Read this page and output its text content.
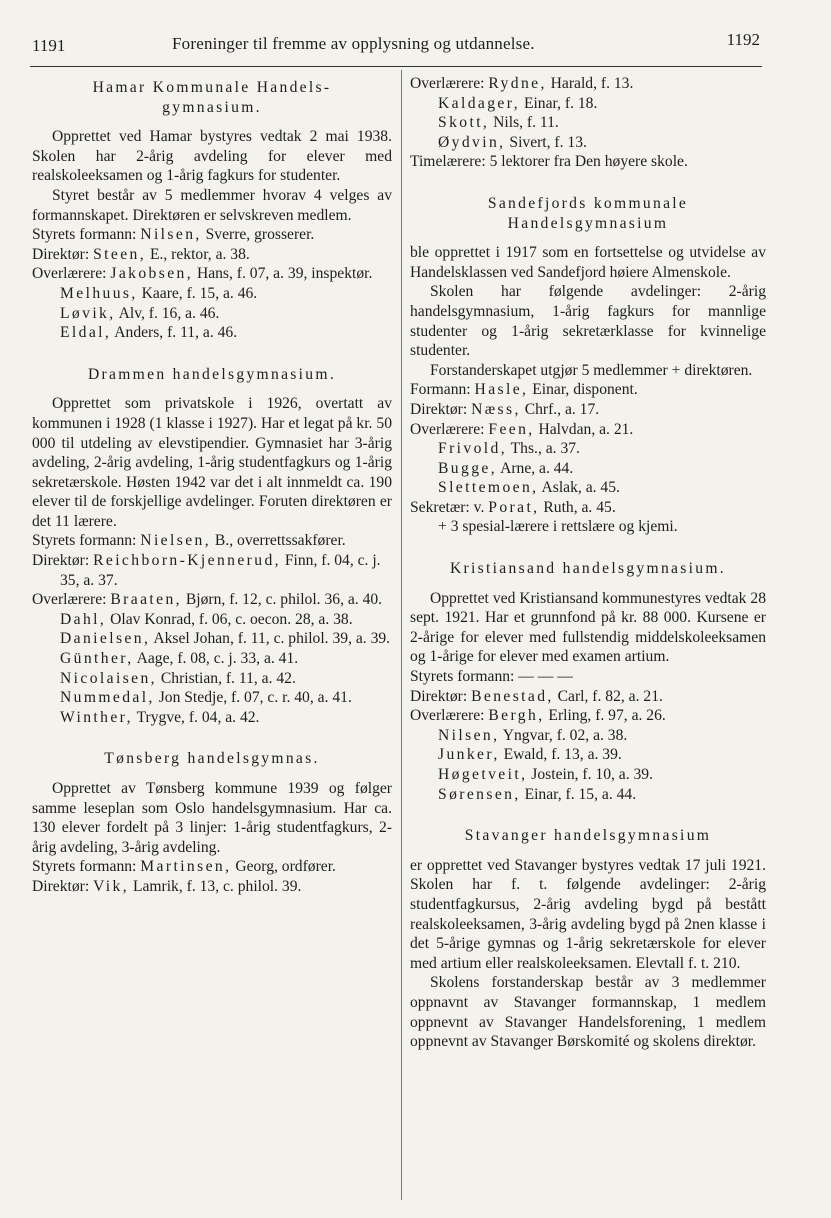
1191	Foreninger til fremme av opplysning og utdannelse.	1192
Hamar Kommunale Handels-gymnasium.

Opprettet ved Hamar bystyres vedtak 2 mai 1938. Skolen har 2-årig avdeling for elever med realskoleeksamen og 1-årig fagkurs for studenter.

Styret består av 5 medlemmer hvorav 4 velges av formannskapet. Direktøren er selvskreven medlem.

Styrets formann: Nilsen, Sverre, grosserer.

Direktør: Steen, E., rektor, a. 38.

Overlærere: Jakobsen, Hans, f. 07, a. 39, inspektør.

Melhuus, Kaare, f. 15, a. 46.

Løvik, Alv, f. 16, a. 46.

Eldal, Anders, f. 11, a. 46.

Drammen handelsgymnasium.

Opprettet som privatskole i 1926, overtatt av kommunen i 1928 (1 klasse i 1927). Har et legat på kr. 50 000 til utdeling av elevstipendier. Gymnasiet har 3-årig avdeling, 2-årig avdeling, 1-årig studentfagkurs og 1-årig sekretærskole. Høsten 1942 var det i alt innmeldt ca. 190 elever til de forskjellige avdelinger. Foruten direktøren er det 11 lærere.

Styrets formann: Nielsen, B., overrettssakfører.

Direktør: Reichborn-Kjennerud, Finn, f. 04, c. j. 35, a. 37.

Overlærere: Braaten, Bjørn, f. 12, c. philol. 36, a. 40.

Dahl, Olav Konrad, f. 06, c. oecon. 28, a. 38.

Danielsen, Aksel Johan, f. 11, c. philol. 39, a. 39.

Günther, Aage, f. 08, c. j. 33, a. 41.

Nicolaisen, Christian, f. 11, a. 42.

Nummedal, Jon Stedje, f. 07, c. r. 40, a. 41.

Winther, Trygve, f. 04, a. 42.

Tønsberg handelsgymnas.

Opprettet av Tønsberg kommune 1939 og følger samme leseplan som Oslo handelsgymnasium. Har ca. 130 elever fordelt på 3 linjer: 1-årig studentfagkurs, 2-årig avdeling, 3-årig avdeling.

Styrets formann: Martinsen, Georg, ordfører.

Direktør: Vik, Lamrik, f. 13, c. philol. 39.

Overlærere: Rydne, Harald, f. 13.

Kaldager, Einar, f. 18.

Skott, Nils, f. 11.

Øydvin, Sivert, f. 13.

Timelærere: 5 lektorer fra Den høyere skole.

Sandefjords kommunale Handelsgymnasium

ble opprettet i 1917 som en fortsettelse og utvidelse av Handelsklassen ved Sandefjord høiere Almenskole.

Skolen har følgende avdelinger: 2-årig handelsgymnasium, 1-årig fagkurs for mannlige studenter og 1-årig sekretærklasse for kvinnelige studenter.

Forstanderskapet utgjør 5 medlemmer + direktøren.

Formann: Hasle, Einar, disponent.

Direktør: Næss, Chrf., a. 17.

Overlærere: Feen, Halvdan, a. 21.

Frivold, Ths., a. 37.

Bugge, Arne, a. 44.

Slettemoen, Aslak, a. 45.

Sekretær: v. Porat, Ruth, a. 45.

+ 3 spesial-lærere i rettslære og kjemi.

Kristiansand handelsgymnasium.

Opprettet ved Kristiansand kommunestyres vedtak 28 sept. 1921. Har et grunnfond på kr. 88 000. Kursene er 2-årige for elever med fullstendig middelskoleeksamen og 1-årige for elever med examen artium.

Styrets formann: — — —

Direktør: Benestad, Carl, f. 82, a. 21.

Overlærere: Bergh, Erling, f. 97, a. 26.

Nilsen, Yngvar, f. 02, a. 38.

Junker, Ewald, f. 13, a. 39.

Høgetveit, Jostein, f. 10, a. 39.

Sørensen, Einar, f. 15, a. 44.

Stavanger handelsgymnasium

er opprettet ved Stavanger bystyres vedtak 17 juli 1921. Skolen har f. t. følgende avdelinger: 2-årig studentfagkursus, 2-årig avdeling bygd på bestått realskoleeksamen, 3-årig avdeling bygd på 2nen klasse i det 5-årige gymnas og 1-årig sekretærskole for elever med artium eller realskoleeksamen. Elevtall f. t. 210.

Skolens forstanderskap består av 3 medlemmer oppnavnt av Stavanger formannskap, 1 medlem oppnevnt av Stavanger Handelsforening, 1 medlem oppnevnt av Stavanger Børskomité og skolens direktør.
